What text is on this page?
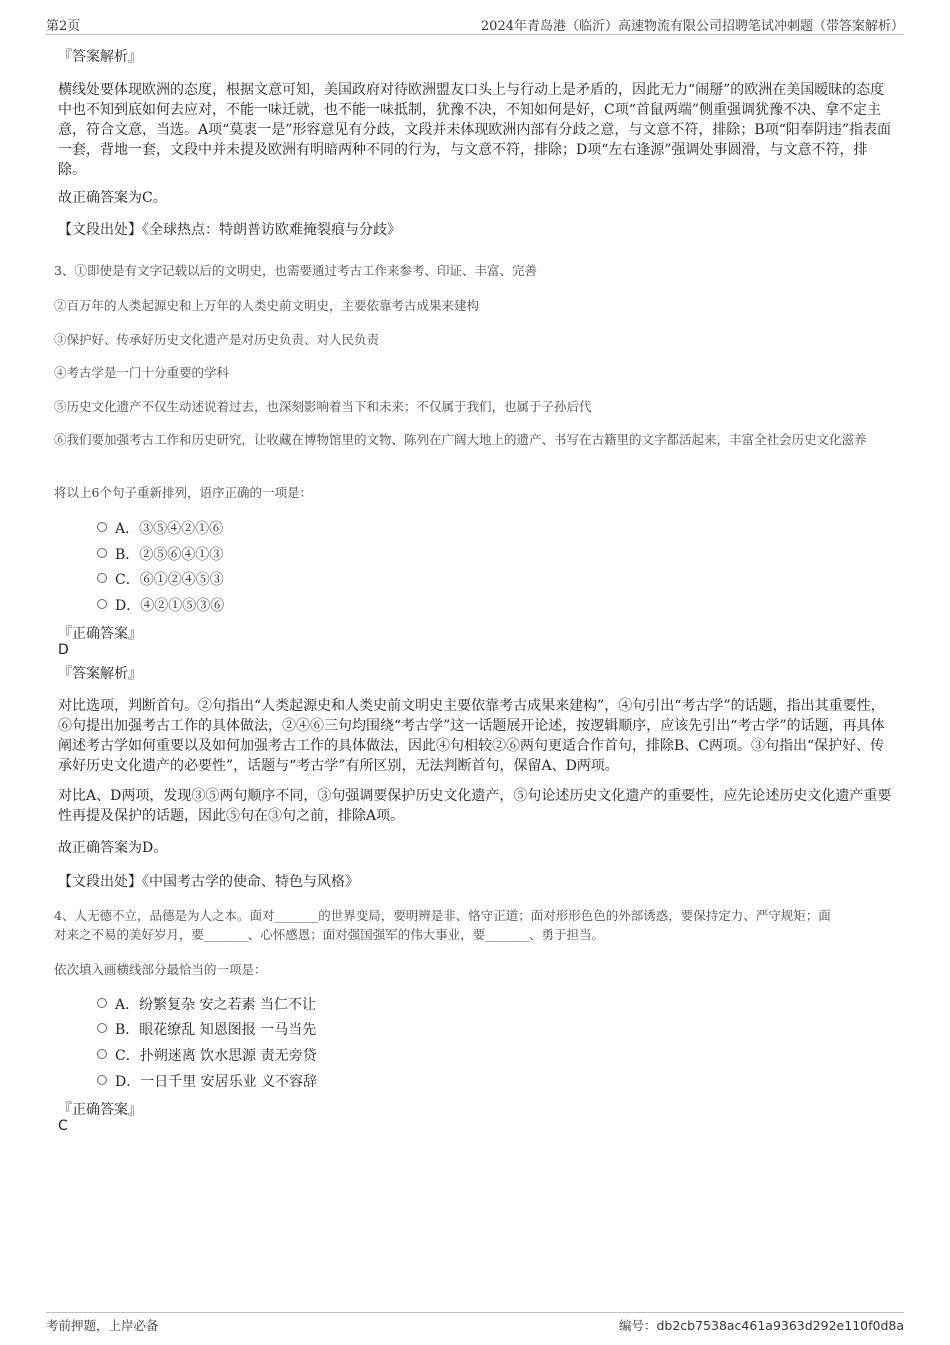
第2页	2024年青岛港（临沂）高速物流有限公司招聘笔试冲刺题（带答案解析）
『答案解析』

横线处要体现欧洲的态度，根据文意可知，美国政府对待欧洲盟友口头上与行动上是矛盾的，因此无力“闹掰”的欧洲在美国暧昧的态度中也不知到底如何去应对，不能一味迁就，也不能一味抵制，犹豫不决，不知如何是好，C项“首鼠两端”侧重强调犹豫不决、拿不定主意，符合文意，当选。A项“莫衷一是”形容意见有分歧，文段并未体现欧洲内部有分歧之意，与文意不符，排除；B项“阳奉阴违”指表面一套，背地一套，文段中并未提及欧洲有明暗两种不同的行为，与文意不符，排除；D项“左右逢源”强调处事圆滑，与文意不符，排除。

故正确答案为C。
【文段出处】《全球热点：特朗普访欧难掩裂痕与分歧》
3、①即使是有文字记载以后的文明史，也需要通过考古工作来参考、印证、丰富、完善
②百万年的人类起源史和上万年的人类史前文明史，主要依靠考古成果来建构
③保护好、传承好历史文化遗产是对历史负责、对人民负责
④考古学是一门十分重要的学科
⑤历史文化遗产不仅生动述说着过去，也深刻影响着当下和未来；不仅属于我们，也属于子孙后代
⑥我们要加强考古工作和历史研究，让收藏在博物馆里的文物、陈列在广阔大地上的遗产、书写在古籍里的文字都活起来，丰富全社会历史文化滋养
将以上6个句子重新排列，语序正确的一项是：
A．③⑤④②①⑥
B．②⑤⑥④①③
C．⑥①②④⑤③
D．④②①⑤③⑥
『正确答案』
D
『答案解析』

对比选项，判断首句。②句指出“人类起源史和人类史前文明史主要依靠考古成果来建构”，④句引出“考古学”的话题，指出其重要性，⑥句提出加强考古工作的具体做法，②④⑥三句均围绕“考古学”这一话题展开论述，按逻辑顺序，应该先引出“考古学”的话题，再具体阐述考古学如何重要以及如何加强考古工作的具体做法，因此④句相较②⑥两句更适合作首句，排除B、C两项。③句指出“保护好、传承好历史文化遗产的必要性”，话题与“考古学”有所区别，无法判断首句，保留A、D两项。

对比A、D两项，发现③⑤两句顺序不同，③句强调要保护历史文化遗产，⑤句论述历史文化遗产的重要性，应先论述历史文化遗产重要性再提及保护的话题，因此⑤句在③句之前，排除A项。

故正确答案为D。
【文段出处】《中国考古学的使命、特色与风格》
4、人无德不立，品德是为人之本。面对_______的世界变局，要明辨是非、恪守正道；面对形形色色的外部诱惑，要保持定力、严守规矩；面
对来之不易的美好岁月，要_______、心怀感恩；面对强国强军的伟大事业，要_______、勇于担当。
依次填入画横线部分最恰当的一项是：
A．纷繁复杂 安之若素 当仁不让
B．眼花缭乱 知恩图报 一马当先
C．扑朔迷离 饮水思源 责无旁贷
D．一日千里 安居乐业 义不容辞
『正确答案』
C
考前押题，上岸必备	编号：db2cb7538ac461a9363d292e110f0d8a
